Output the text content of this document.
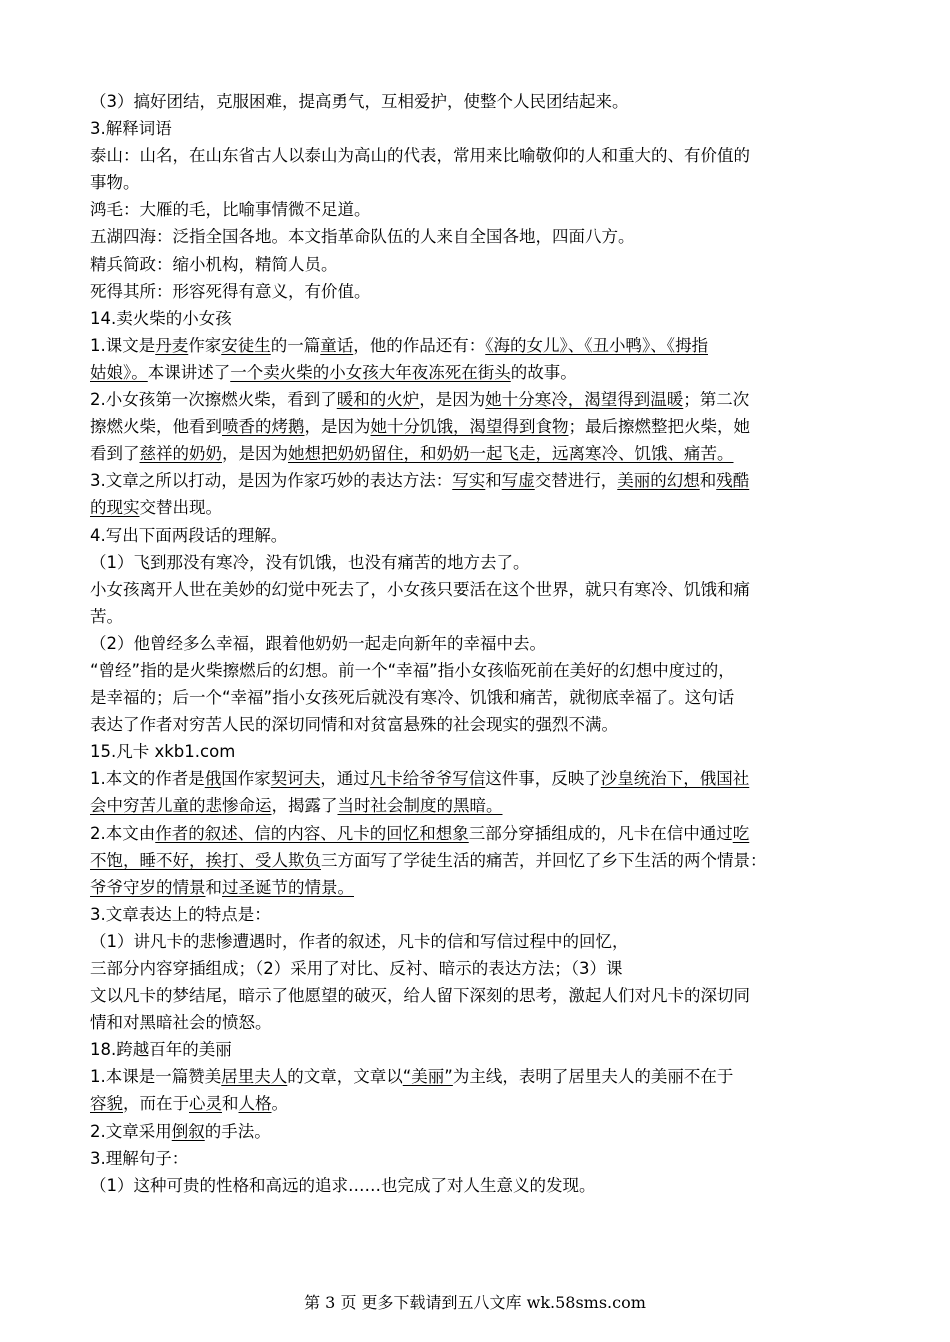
（3）搞好团结，克服困难，提高勇气，互相爱护，使整个人民团结起来。
3.解释词语
泰山：山名，在山东省古人以泰山为高山的代表，常用来比喻敬仰的人和重大的、有价值的
事物。
鸿毛：大雁的毛，比喻事情微不足道。
五湖四海：泛指全国各地。本文指革命队伍的人来自全国各地，四面八方。
精兵简政：缩小机构，精简人员。
死得其所：形容死得有意义，有价值。
14.卖火柴的小女孩
1.课文是丹麦作家安徒生的一篇童话，他的作品还有：《海的女儿》、《丑小鸭》、《拇指
姑娘》。本课讲述了一个卖火柴的小女孩大年夜冻死在街头的故事。
2.小女孩第一次擦燃火柴，看到了暖和的火炉，是因为她十分寒冷，渴望得到温暖；第二次
擦燃火柴，他看到喷香的烤鹅，是因为她十分饥饿，渴望得到食物；最后擦燃整把火柴，她
看到了慈祥的奶奶，是因为她想把奶奶留住，和奶奶一起飞走，远离寒冷、饥饿、痛苦。
3.文章之所以打动，是因为作家巧妙的表达方法：写实和写虚交替进行，美丽的幻想和残酷
的现实交替出现。
4.写出下面两段话的理解。
（1）飞到那没有寒冷，没有饥饿，也没有痛苦的地方去了。
小女孩离开人世在美妙的幻觉中死去了，小女孩只要活在这个世界，就只有寒冷、饥饿和痛
苦。
（2）他曾经多么幸福，跟着他奶奶一起走向新年的幸福中去。
“曾经”指的是火柴擦燃后的幻想。前一个“幸福”指小女孩临死前在美好的幻想中度过的，
是幸福的；后一个“幸福”指小女孩死后就没有寒冷、饥饿和痛苦，就彻底幸福了。这句话
表达了作者对穷苦人民的深切同情和对贫富悬殊的社会现实的强烈不满。
15.凡卡 xkb1.com
1.本文的作者是俄国作家契诃夫，通过凡卡给爷爷写信这件事，反映了沙皇统治下，俄国社
会中穷苦儿童的悲惨命运，揭露了当时社会制度的黑暗。
2.本文由作者的叙述、信的内容、凡卡的回忆和想象三部分穿插组成的，凡卡在信中通过吃
不饱，睡不好，挨打、受人欺负三方面写了学徒生活的痛苦，并回忆了乡下生活的两个情景：
爷爷守岁的情景和过圣诞节的情景。
3.文章表达上的特点是：
（1）讲凡卡的悲惨遭遇时，作者的叙述，凡卡的信和写信过程中的回忆，
三部分内容穿插组成；（2）采用了对比、反衬、暗示的表达方法；（3）课
文以凡卡的梦结尾，暗示了他愿望的破灭，给人留下深刻的思考，激起人们对凡卡的深切同
情和对黑暗社会的愤怒。
18.跨越百年的美丽
1.本课是一篇赞美居里夫人的文章，文章以“美丽”为主线，表明了居里夫人的美丽不在于
容貌，而在于心灵和人格。
2.文章采用倒叙的手法。
3.理解句子：
（1）这种可贵的性格和高远的追求……也完成了对人生意义的发现。
第 3 页 更多下载请到五八文库 wk.58sms.com
